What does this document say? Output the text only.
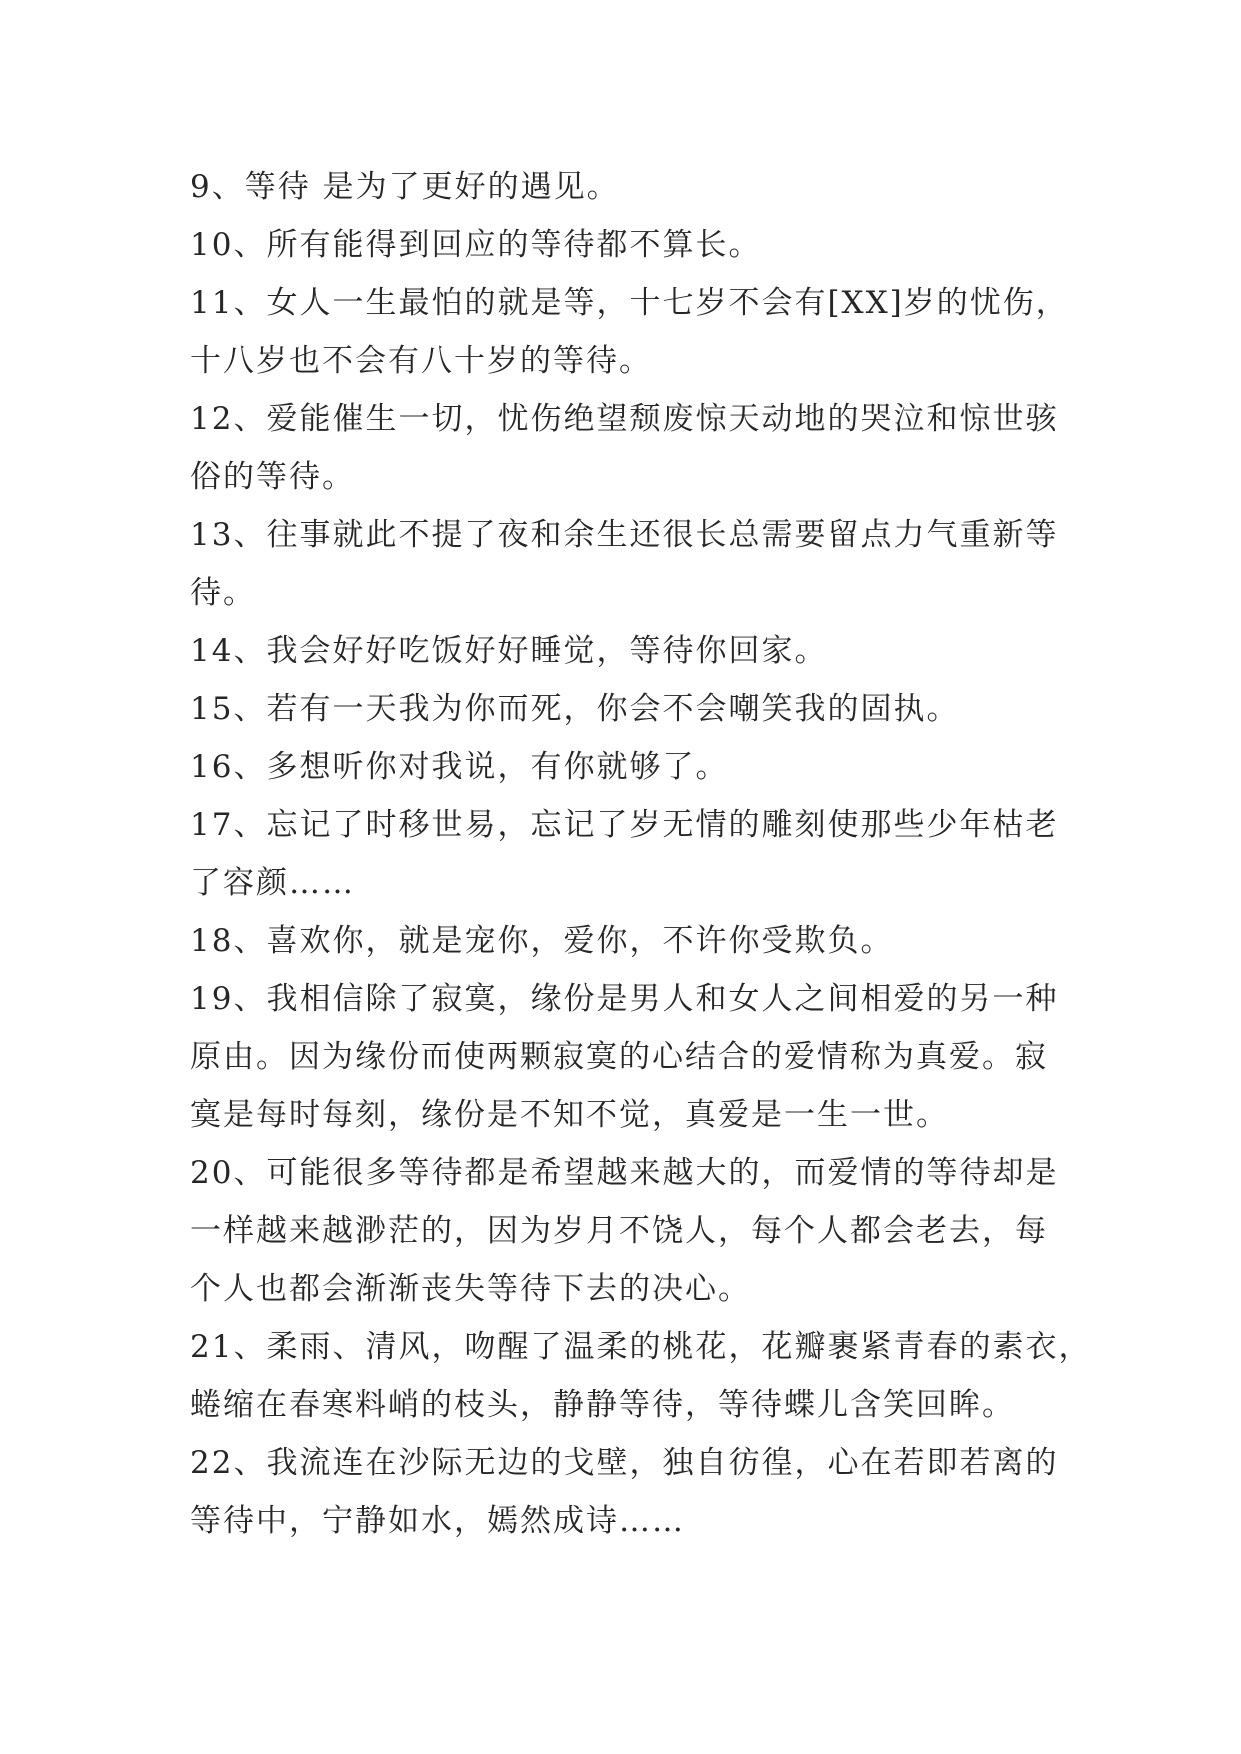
9、等待 是为了更好的遇见。
10、所有能得到回应的等待都不算长。
11、女人一生最怕的就是等，十七岁不会有[XX]岁的忧伤，
十八岁也不会有八十岁的等待。
12、爱能催生一切，忧伤绝望颓废惊天动地的哭泣和惊世骇
俗的等待。
13、往事就此不提了夜和余生还很长总需要留点力气重新等
待。
14、我会好好吃饭好好睡觉，等待你回家。
15、若有一天我为你而死，你会不会嘲笑我的固执。
16、多想听你对我说，有你就够了。
17、忘记了时移世易，忘记了岁无情的雕刻使那些少年枯老
了容颜……
18、喜欢你，就是宠你，爱你，不许你受欺负。
19、我相信除了寂寞，缘份是男人和女人之间相爱的另一种
原由。因为缘份而使两颗寂寞的心结合的爱情称为真爱。寂
寞是每时每刻，缘份是不知不觉，真爱是一生一世。
20、可能很多等待都是希望越来越大的，而爱情的等待却是
一样越来越渺茫的，因为岁月不饶人，每个人都会老去，每
个人也都会渐渐丧失等待下去的决心。
21、柔雨、清风，吻醒了温柔的桃花，花瓣裹紧青春的素衣，
蜷缩在春寒料峭的枝头，静静等待，等待蝶儿含笑回眸。
22、我流连在沙际无边的戈壁，独自彷徨，心在若即若离的
等待中，宁静如水，嫣然成诗……
